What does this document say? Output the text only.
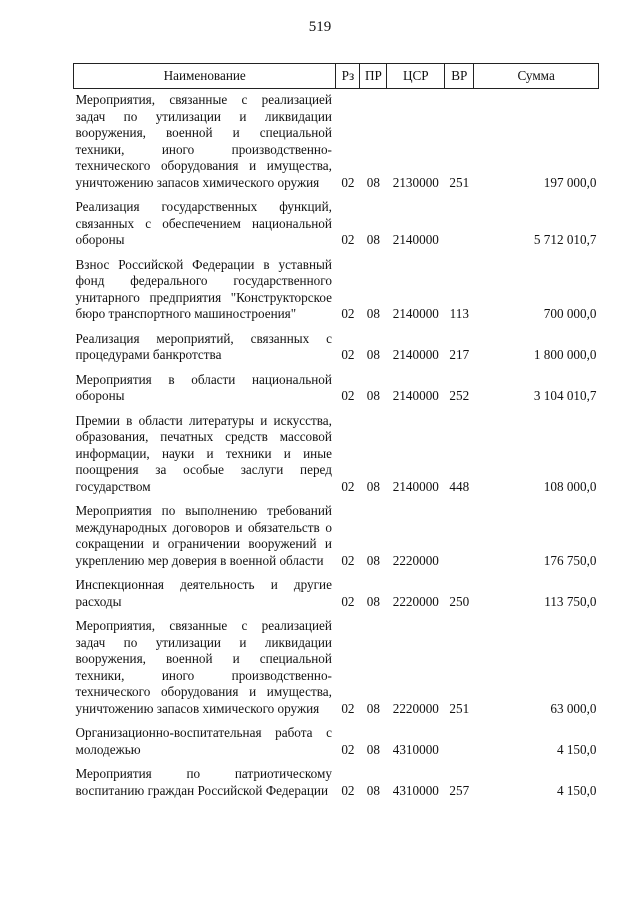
519
Наименование	Рз	ПР	ЦСР	ВР	Сумма
Мероприятия, связанные с реализацией задач по утилизации и ликвидации вооружения, военной и специальной техники, иного производственно-технического оборудования и имущества, уничтожению запасов химического оружия	02	08	2130000	251	197 000,0
Реализация государственных функций, связанных с обеспечением национальной обороны	02	08	2140000		5 712 010,7
Взнос Российской Федерации в уставный фонд федерального государственного унитарного предприятия "Конструкторское бюро транспортного машиностроения"	02	08	2140000	113	700 000,0
Реализация мероприятий, связанных с процедурами банкротства	02	08	2140000	217	1 800 000,0
Мероприятия в области национальной обороны	02	08	2140000	252	3 104 010,7
Премии в области литературы и искусства, образования, печатных средств массовой информации, науки и техники и иные поощрения за особые заслуги перед государством	02	08	2140000	448	108 000,0
Мероприятия по выполнению требований международных договоров и обязательств о сокращении и ограничении вооружений и укреплению мер доверия в военной области	02	08	2220000		176 750,0
Инспекционная деятельность и другие расходы	02	08	2220000	250	113 750,0
Мероприятия, связанные с реализацией задач по утилизации и ликвидации вооружения, военной и специальной техники, иного производственно-технического оборудования и имущества, уничтожению запасов химического оружия	02	08	2220000	251	63 000,0
Организационно-воспитательная работа с молодежью	02	08	4310000		4 150,0
Мероприятия по патриотическому воспитанию граждан Российской Федерации	02	08	4310000	257	4 150,0
